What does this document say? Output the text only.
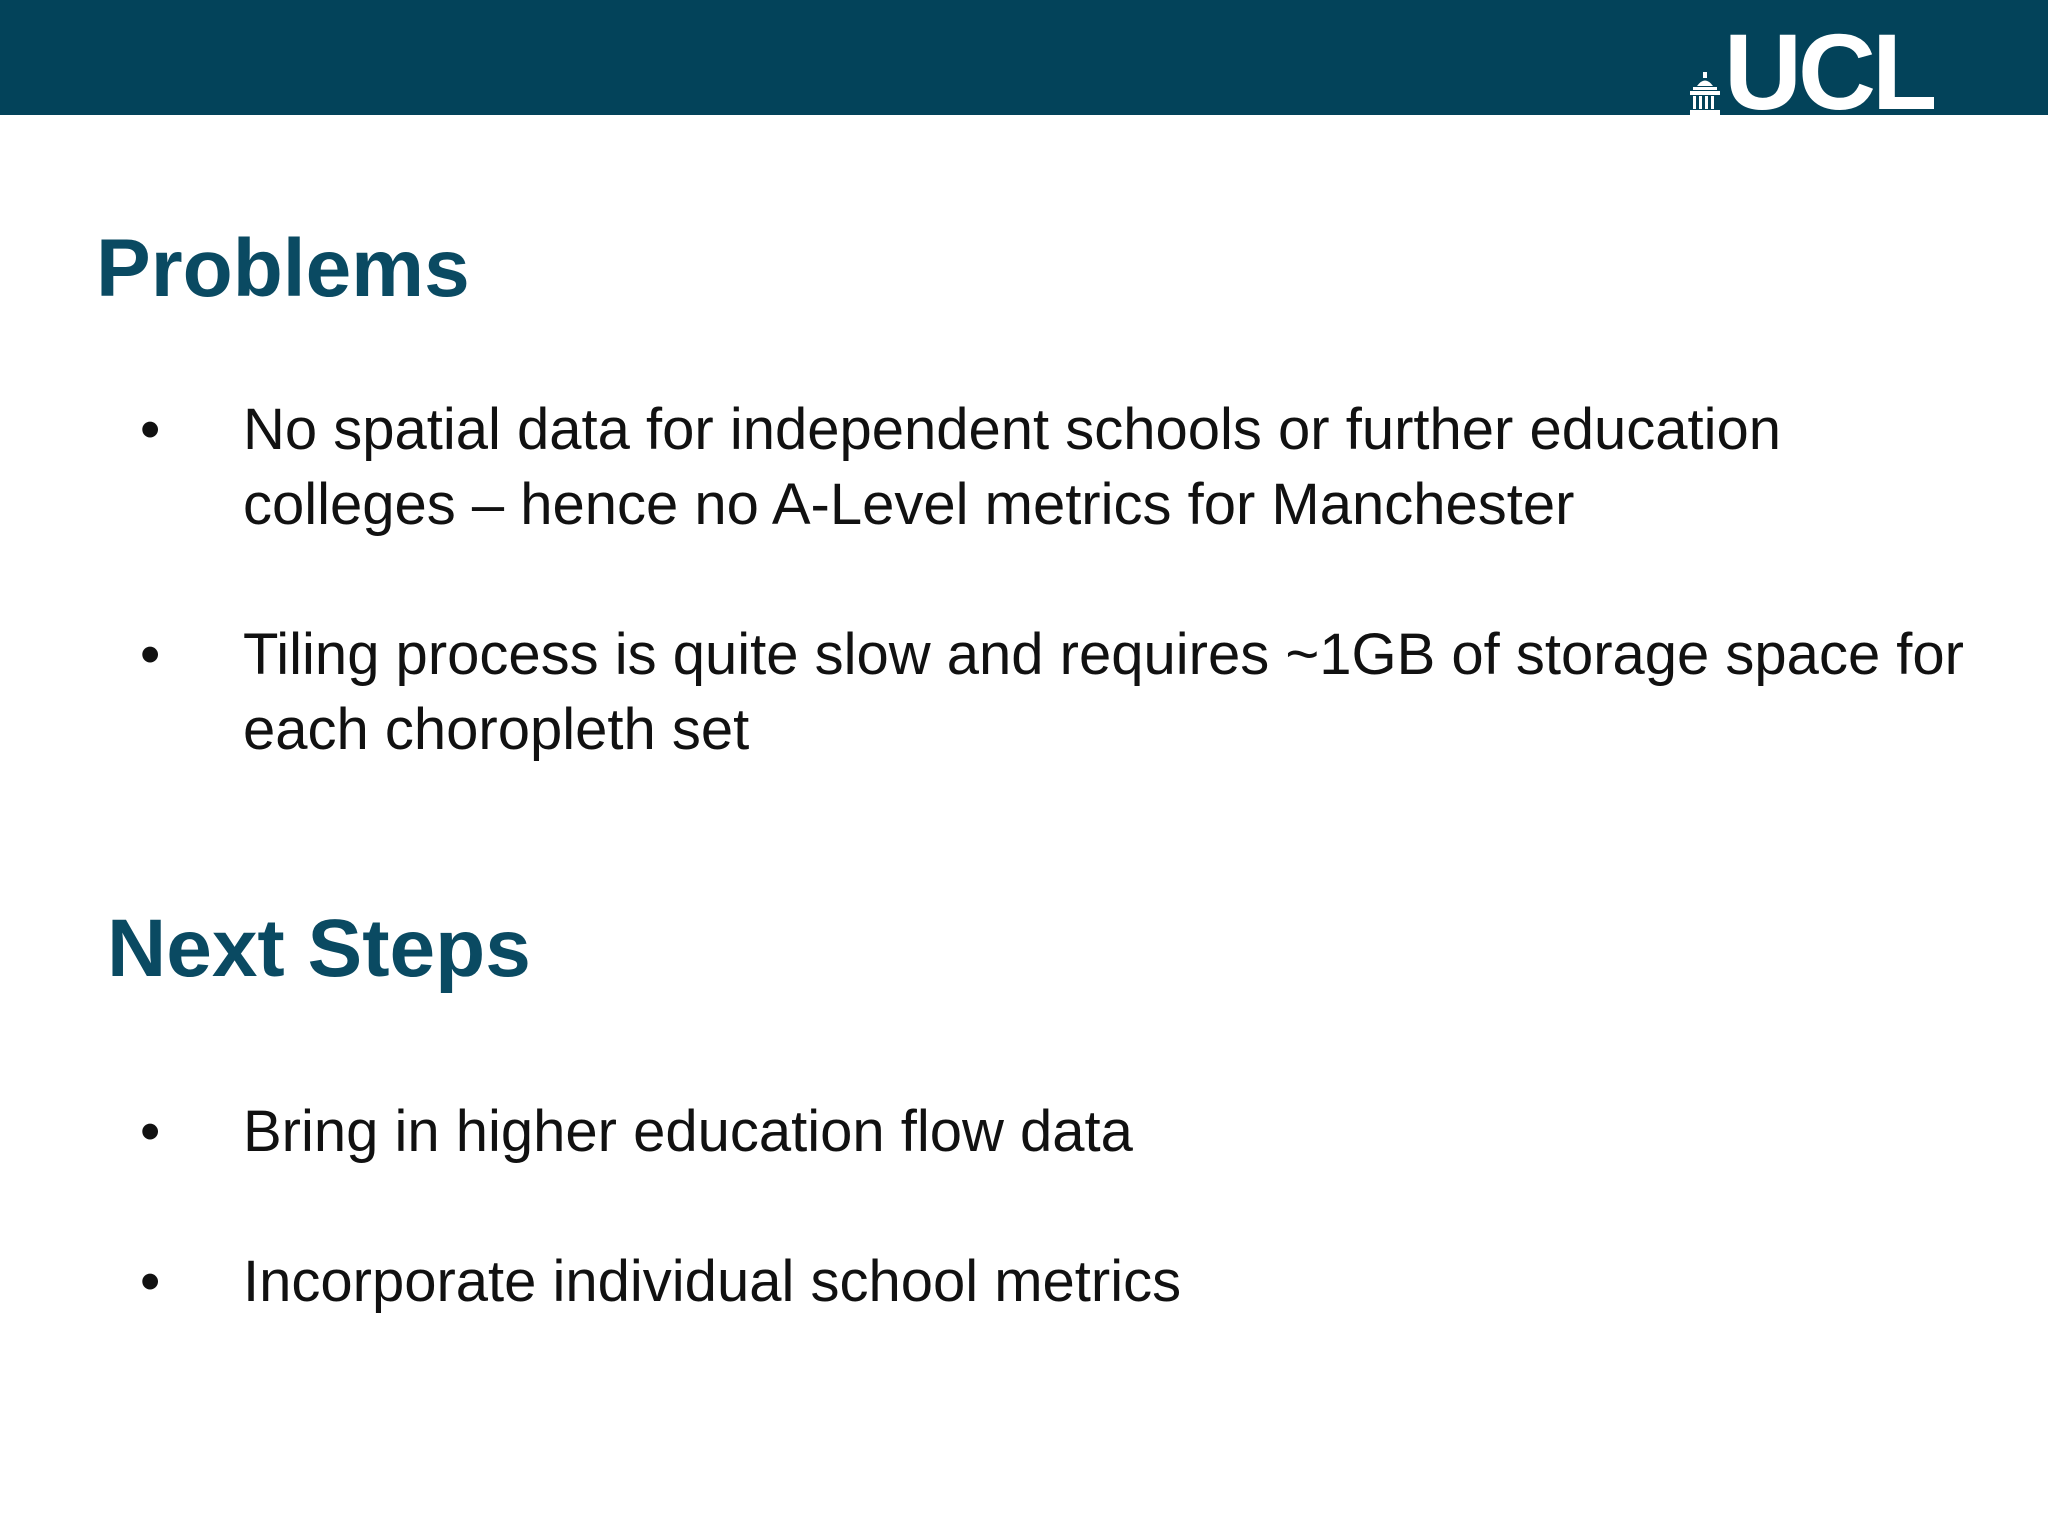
UCL
Problems
•	No spatial data for independent schools or further education colleges – hence no A-Level metrics for Manchester
•	Tiling process is quite slow and requires ~1GB of storage space for each choropleth set
Next Steps
•	Bring in higher education flow data
•	Incorporate individual school metrics
